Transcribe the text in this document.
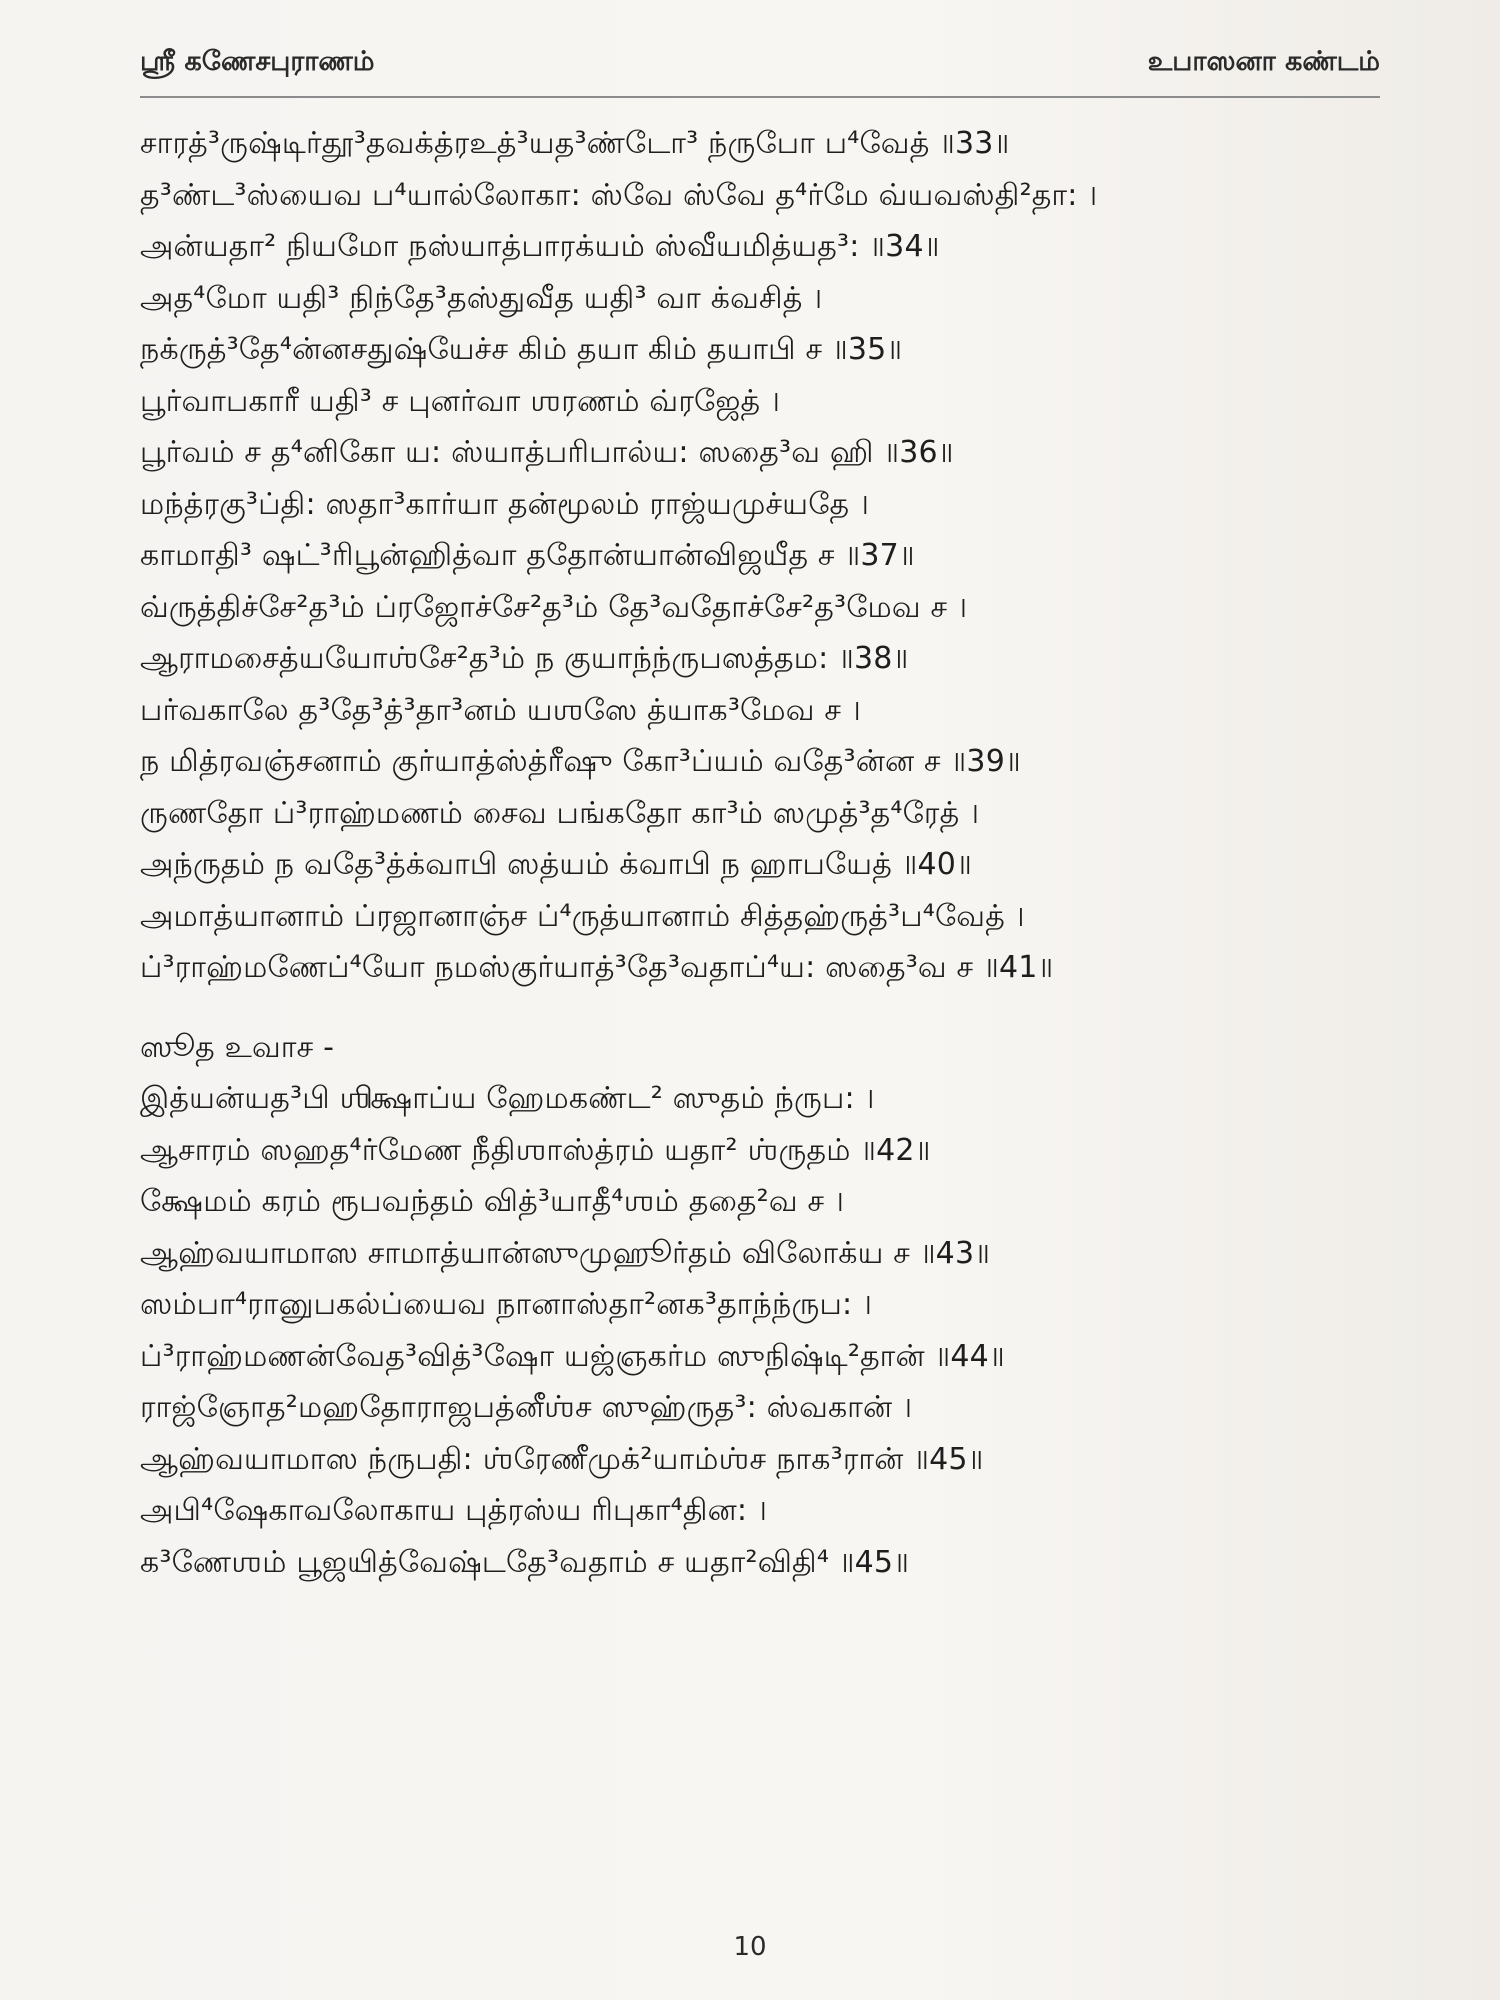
ஸ்ரீ கணேசபுராணம்	உபாஸனா கண்டம்
சாரத்³ருஷ்டிர்தூ³தவக்த்ரஉத்³யத³ண்டோ³ ந்ருபோ ப⁴வேத் ॥33॥
த³ண்ட³ஸ்யைவ ப⁴யால்லோகா꞉ ஸ்வே ஸ்வே த⁴ர்மே வ்யவஸ்தி²தா꞉ ।
அன்யதா² நியமோ நஸ்யாத்பாரக்யம் ஸ்வீயமித்யத³꞉ ॥34॥
அத⁴மோ யதி³ நிந்தே³தஸ்துவீத யதி³ வா க்வசித் ।
நக்ருத்³தே⁴ன்னசதுஷ்யேச்ச கிம் தயா கிம் தயாபி ச ॥35॥
பூர்வாபகாரீ யதி³ ச புனர்வா ஶரணம் வ்ரஜேத் ।
பூர்வம் ச த⁴னிகோ ய꞉ ஸ்யாத்பரிபால்ய꞉ ஸதை³வ ஹி ॥36॥
மந்த்ரகு³ப்தி꞉ ஸதா³கார்யா தன்மூலம் ராஜ்யமுச்யதே ।
காமாதி³ ஷட்³ரிபூன்ஹித்வா ததோன்யான்விஜயீத ச ॥37॥
வ்ருத்திச்சே²த³ம் ப்ரஜோச்சே²த³ம் தே³வதோச்சே²த³மேவ ச ।
ஆராமசைத்யயோஶ்சே²த³ம் ந குயாந்ந்ருபஸத்தம꞉ ॥38॥
பர்வகாலே த³தே³த்³தா³னம் யஶஸே த்யாக³மேவ ச ।
ந மித்ரவஞ்சனாம் குர்யாத்ஸ்த்ரீஷு கோ³ப்யம் வதே³ன்ன ச ॥39॥
ருணதோ ப்³ராஹ்மணம் சைவ பங்கதோ கா³ம் ஸமுத்³த⁴ரேத் ।
அந்ருதம் ந வதே³த்க்வாபி ஸத்யம் க்வாபி ந ஹாபயேத் ॥40॥
அமாத்யானாம் ப்ரஜானாஞ்ச ப்⁴ருத்யானாம் சித்தஹ்ருத்³ப⁴வேத் ।
ப்³ராஹ்மணேப்⁴யோ நமஸ்குர்யாத்³தே³வதாப்⁴ய꞉ ஸதை³வ ச ॥41॥
ஸூத உவாச -
இத்யன்யத³பி ஶிக்ஷாப்ய ஹேமகண்ட² ஸுதம் ந்ருப꞉ ।
ஆசாரம் ஸஹத⁴ர்மேண நீதிஶாஸ்த்ரம் யதா² ஶ்ருதம் ॥42॥
க்ஷேமம் கரம் ரூபவந்தம் வித்³யாதீ⁴ஶம் ததை²வ ச ।
ஆஹ்வயாமாஸ சாமாத்யான்ஸுமுஹூர்தம் விலோக்ய ச ॥43॥
ஸம்பா⁴ரானுபகல்ப்யைவ நானாஸ்தா²னக³தாந்ந்ருப꞉ ।
ப்³ராஹ்மணன்வேத³வித்³ஷோ யஜ்ஞகர்ம ஸுநிஷ்டி²தான் ॥44॥
ராஜ்ஞோத²மஹதோராஜபத்னீஶ்ச ஸுஹ்ருத³꞉ ஸ்வகான் ।
ஆஹ்வயாமாஸ ந்ருபதி꞉ ஶ்ரேணீமுக்²யாம்ஶ்ச நாக³ரான் ॥45॥
அபி⁴ஷேகாவலோகாய புத்ரஸ்ய ரிபுகா⁴தின꞉ ।
க³ணேஶம் பூஜயித்வேஷ்டதே³வதாம் ச யதா²விதி⁴ ॥45॥
10
